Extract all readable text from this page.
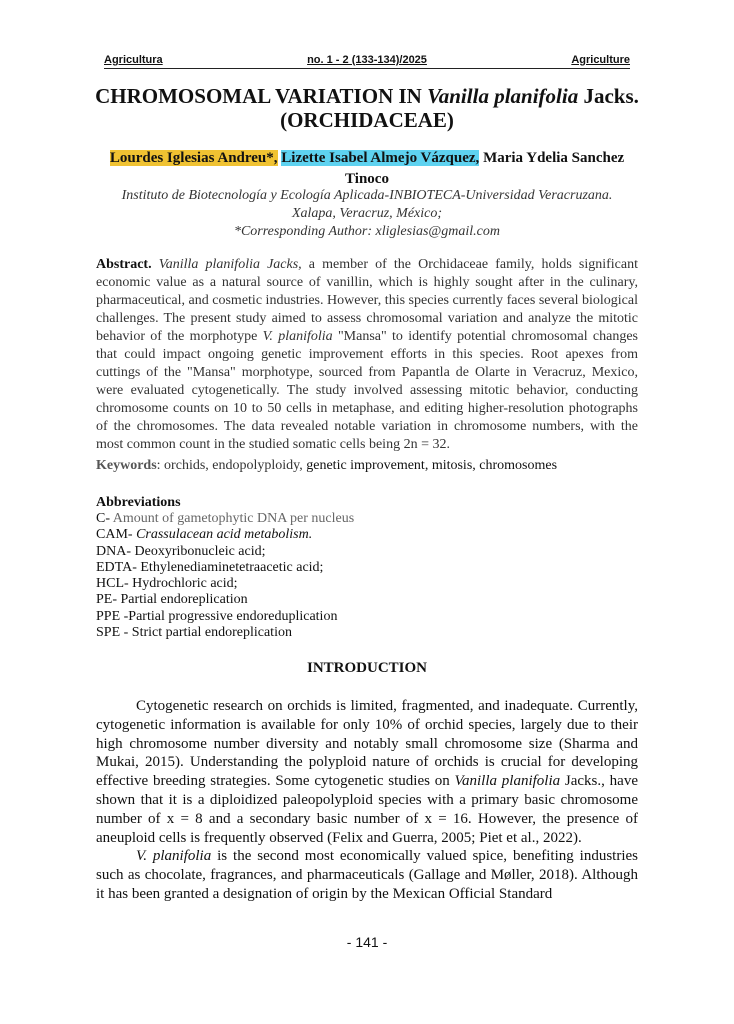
Agricultura	no. 1 - 2 (133-134)/2025	Agriculture
CHROMOSOMAL VARIATION IN Vanilla planifolia Jacks.
(ORCHIDACEAE)
Lourdes Iglesias Andreu*, Lizette Isabel Almejo Vázquez, Maria Ydelia Sanchez Tinoco
Instituto de Biotecnología y Ecología Aplicada-INBIOTECA-Universidad Veracruzana.
Xalapa, Veracruz, México;
*Corresponding Author: xliglesias@gmail.com
Abstract. Vanilla planifolia Jacks, a member of the Orchidaceae family, holds significant economic value as a natural source of vanillin, which is highly sought after in the culinary, pharmaceutical, and cosmetic industries. However, this species currently faces several biological challenges. The present study aimed to assess chromosomal variation and analyze the mitotic behavior of the morphotype V. planifolia "Mansa" to identify potential chromosomal changes that could impact ongoing genetic improvement efforts in this species. Root apexes from cuttings of the "Mansa" morphotype, sourced from Papantla de Olarte in Veracruz, Mexico, were evaluated cytogenetically. The study involved assessing mitotic behavior, conducting chromosome counts on 10 to 50 cells in metaphase, and editing higher-resolution photographs of the chromosomes. The data revealed notable variation in chromosome numbers, with the most common count in the studied somatic cells being 2n = 32.
Keywords: orchids, endopolyploidy, genetic improvement, mitosis, chromosomes
Abbreviations
C- Amount of gametophytic DNA per nucleus
CAM- Crassulacean acid metabolism.
DNA- Deoxyribonucleic acid;
EDTA- Ethylenediaminetetraacetic acid;
HCL- Hydrochloric acid;
PE- Partial endoreplication
PPE -Partial progressive endoreduplication
SPE - Strict partial endoreplication
INTRODUCTION

Cytogenetic research on orchids is limited, fragmented, and inadequate. Currently, cytogenetic information is available for only 10% of orchid species, largely due to their high chromosome number diversity and notably small chromosome size (Sharma and Mukai, 2015). Understanding the polyploid nature of orchids is crucial for developing effective breeding strategies. Some cytogenetic studies on Vanilla planifolia Jacks., have shown that it is a diploidized paleopolyploid species with a primary basic chromosome number of x = 8 and a secondary basic number of x = 16. However, the presence of aneuploid cells is frequently observed (Felix and Guerra, 2005; Piet et al., 2022).

V. planifolia is the second most economically valued spice, benefiting industries such as chocolate, fragrances, and pharmaceuticals (Gallage and Møller, 2018). Although it has been granted a designation of origin by the Mexican Official Standard

- 141 -
